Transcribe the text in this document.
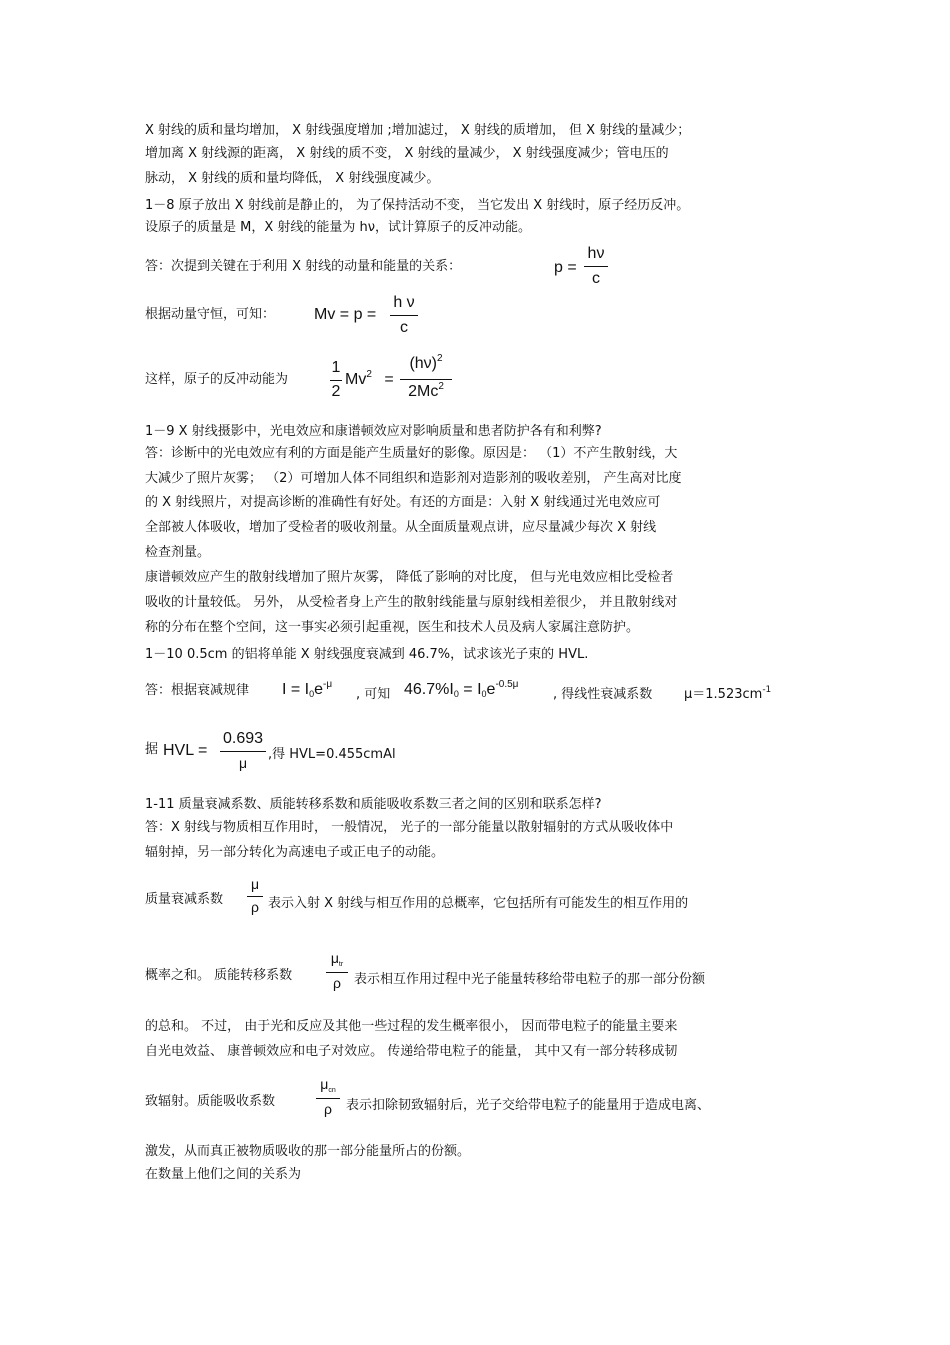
X 射线的质和量均增加， X 射线强度增加 ;增加滤过， X 射线的质增加， 但 X 射线的量减少；
增加离 X 射线源的距离， X 射线的质不变， X 射线的量减少， X 射线强度减少；管电压的
脉动， X 射线的质和量均降低， X 射线强度减少。
1－8 原子放出 X 射线前是静止的， 为了保持活动不变， 当它发出 X 射线时，原子经历反冲。
设原子的质量是 M，X 射线的能量为 hν，试计算原子的反冲动能。
答：次提到关键在于利用 X 射线的动量和能量的关系：	p =
hν
c
根据动量守恒，可知： Mv = p =
h ν
c
这样，原子的反冲动能为
1
2
$Mv^2$ =
$(h\nu)^2$
2Mc$^2$
1－9 X 射线摄影中，光电效应和康谱顿效应对影响质量和患者防护各有和利弊?
答：诊断中的光电效应有利的方面是能产生质量好的影像。原因是： （1）不产生散射线，大
大减少了照片灰雾； （2）可增加人体不同组织和造影剂对造影剂的吸收差别， 产生高对比度
的 X 射线照片，对提高诊断的准确性有好处。有还的方面是：入射 X 射线通过光电效应可
全部被人体吸收，增加了受检者的吸收剂量。从全面质量观点讲，应尽量减少每次 X 射线
检查剂量。
康谱顿效应产生的散射线增加了照片灰雾， 降低了影响的对比度， 但与光电效应相比受检者
吸收的计量较低。 另外， 从受检者身上产生的散射线能量与原射线相差很少， 并且散射线对
称的分布在整个空间，这一事实必须引起重视，医生和技术人员及病人家属注意防护。
1－10 0.5cm 的铝将单能 X 射线强度衰减到 46.7%，试求该光子束的 HVL.
答：根据衰减规律 $I = I0e^{-\mu}$
, 可知 $46.7\%I0 = I0e^{-0.5\mu}$
, 得线性衰减系数 $\mu=1.523cm^{-1}$
据 HVL =
0.693
μ
,得 HVL=0.455cmAl
1-11 质量衰减系数、质能转移系数和质能吸收系数三者之间的区别和联系怎样?
答：X 射线与物质相互作用时， 一般情况， 光子的一部分能量以散射辐射的方式从吸收体中
辐射掉，另一部分转化为高速电子或正电子的动能。
质量衰减系数
μ
ρ 表示入射 X 射线与相互作用的总概率，它包括所有可能发生的相互作用的
概率之和。 质能转移系数
$\mu_{tr}$
ρ	表示相互作用过程中光子能量转移给带电粒子的那一部分份额
的总和。 不过， 由于光和反应及其他一些过程的发生概率很小， 因而带电粒子的能量主要来
自光电效益、 康普顿效应和电子对效应。 传递给带电粒子的能量， 其中又有一部分转移成韧
致辐射。质能吸收系数
$\mu_{cn}$
ρ	表示扣除韧致辐射后，光子交给带电粒子的能量用于造成电离、
激发，从而真正被物质吸收的那一部分能量所占的份额。
在数量上他们之间的关系为
